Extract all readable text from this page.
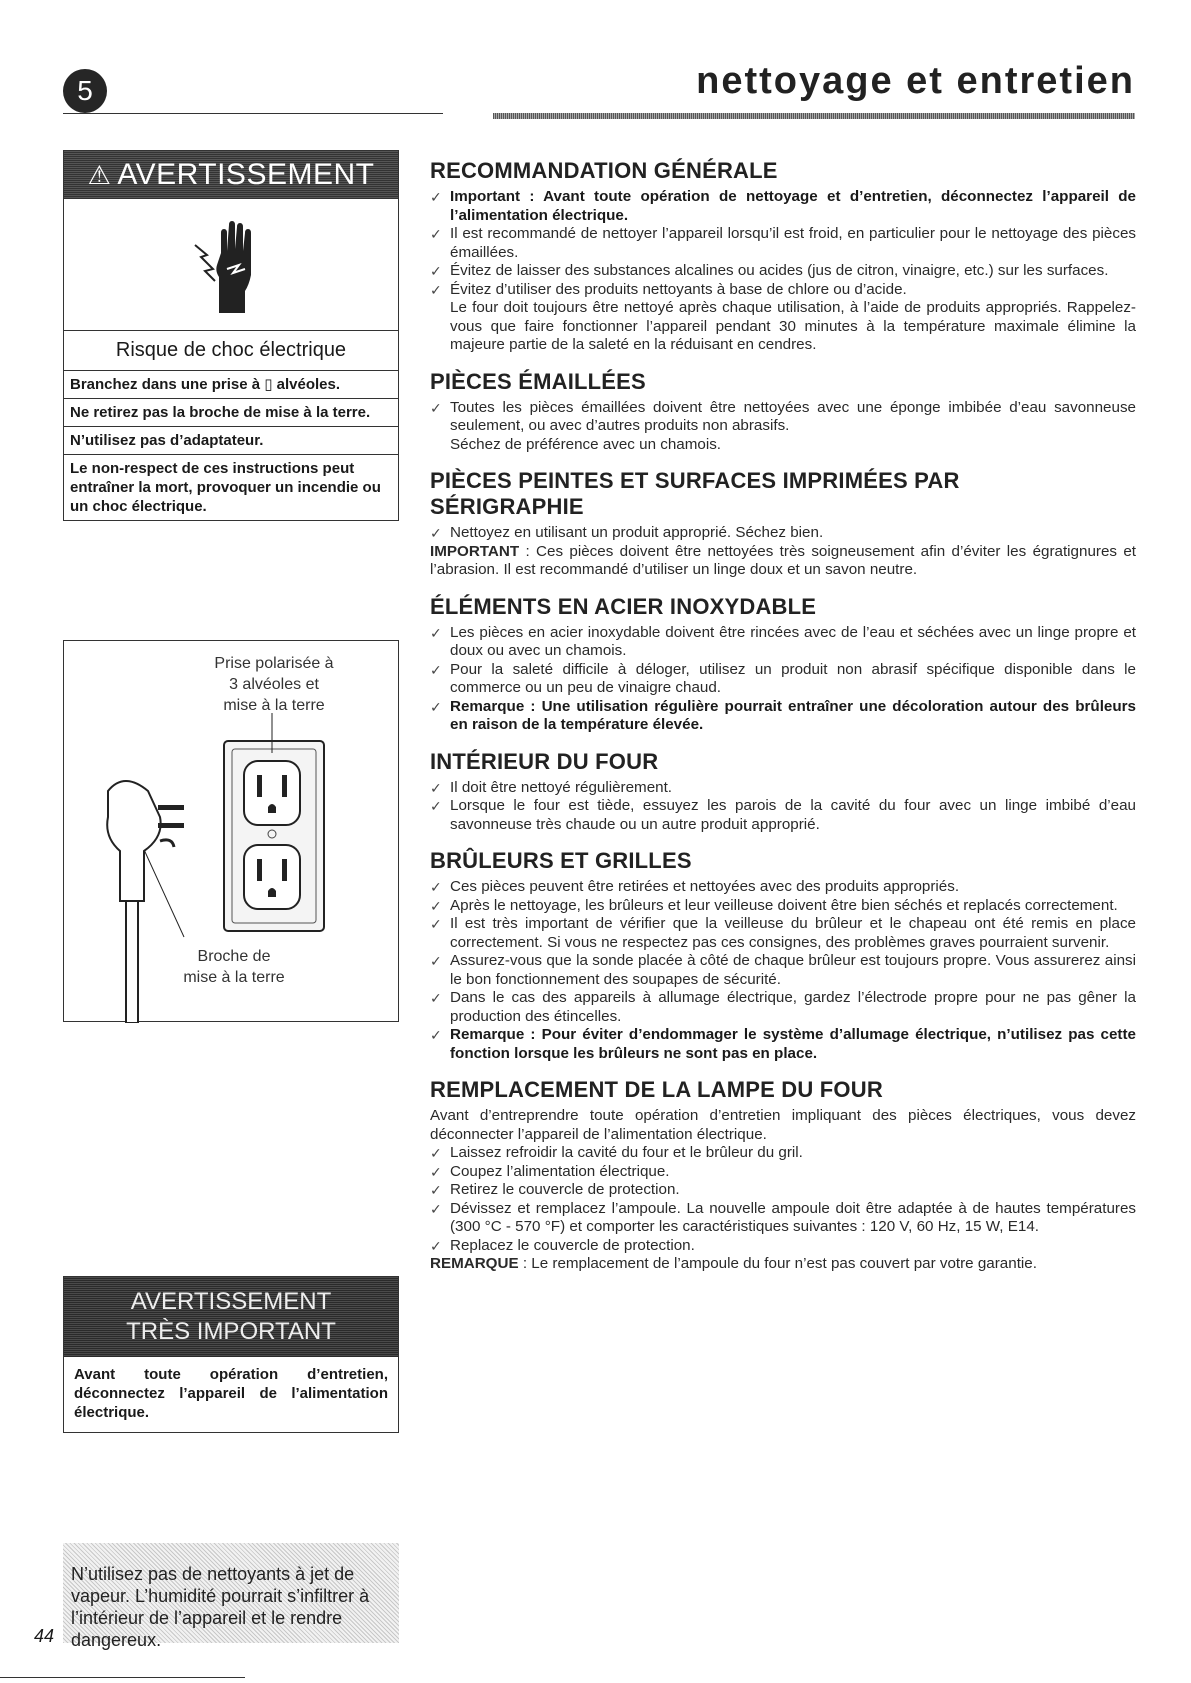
5	nettoyage et entretien
⚠ AVERTISSEMENT
Risque de choc électrique
Branchez dans une prise à ▯ alvéoles.
Ne retirez pas la broche de mise à la terre.
N’utilisez pas d’adaptateur.
Le non-respect de ces instructions peut entraîner la mort, provoquer un incendie ou un choc électrique.
Prise polarisée à
3 alvéoles et
mise à la terre
Broche de
mise à la terre
AVERTISSEMENT
TRÈS IMPORTANT
Avant toute opération d’entretien, déconnectez l’appareil de l’alimentation électrique.
N’utilisez pas de nettoyants à jet de vapeur. L’humidité pourrait s’infiltrer à l’intérieur de l’appareil et le rendre dangereux.
44
RECOMMANDATION GÉNÉRALE
✓ Important : Avant toute opération de nettoyage et d’entretien, déconnectez l’appareil de l’alimentation électrique.
✓ Il est recommandé de nettoyer l’appareil lorsqu’il est froid, en particulier pour le nettoyage des pièces émaillées.
✓ Évitez de laisser des substances alcalines ou acides (jus de citron, vinaigre, etc.) sur les surfaces.
✓ Évitez d’utiliser des produits nettoyants à base de chlore ou d’acide.
Le four doit toujours être nettoyé après chaque utilisation, à l’aide de produits appropriés. Rappelez-vous que faire fonctionner l’appareil pendant 30 minutes à la température maximale élimine la majeure partie de la saleté en la réduisant en cendres.
PIÈCES ÉMAILLÉES
✓ Toutes les pièces émaillées doivent être nettoyées avec une éponge imbibée d’eau savonneuse seulement, ou avec d’autres produits non abrasifs.
Séchez de préférence avec un chamois.
PIÈCES PEINTES ET SURFACES IMPRIMÉES PAR
SÉRIGRAPHIE
✓ Nettoyez en utilisant un produit approprié. Séchez bien.
IMPORTANT : Ces pièces doivent être nettoyées très soigneusement afin d’éviter les égratignures et l’abrasion. Il est recommandé d’utiliser un linge doux et un savon neutre.
ÉLÉMENTS EN ACIER INOXYDABLE
✓ Les pièces en acier inoxydable doivent être rincées avec de l’eau et séchées avec un linge propre et doux ou avec un chamois.
✓ Pour la saleté difficile à déloger, utilisez un produit non abrasif spécifique disponible dans le commerce ou un peu de vinaigre chaud.
✓ Remarque : Une utilisation régulière pourrait entraîner une décoloration autour des brûleurs en raison de la température élevée.
INTÉRIEUR DU FOUR
✓ Il doit être nettoyé régulièrement.
✓ Lorsque le four est tiède, essuyez les parois de la cavité du four avec un linge imbibé d’eau savonneuse très chaude ou un autre produit approprié.
BRÛLEURS ET GRILLES
✓ Ces pièces peuvent être retirées et nettoyées avec des produits appropriés.
✓ Après le nettoyage, les brûleurs et leur veilleuse doivent être bien séchés et replacés correctement.
✓ Il est très important de vérifier que la veilleuse du brûleur et le chapeau ont été remis en place correctement. Si vous ne respectez pas ces consignes, des problèmes graves pourraient survenir.
✓ Assurez-vous que la sonde placée à côté de chaque brûleur est toujours propre. Vous assurerez ainsi le bon fonctionnement des soupapes de sécurité.
✓ Dans le cas des appareils à allumage électrique, gardez l’électrode propre pour ne pas gêner la production des étincelles.
✓ Remarque : Pour éviter d’endommager le système d’allumage électrique, n’utilisez pas cette fonction lorsque les brûleurs ne sont pas en place.
REMPLACEMENT DE LA LAMPE DU FOUR
Avant d’entreprendre toute opération d’entretien impliquant des pièces électriques, vous devez déconnecter l’appareil de l’alimentation électrique.
✓ Laissez refroidir la cavité du four et le brûleur du gril.
✓ Coupez l’alimentation électrique.
✓ Retirez le couvercle de protection.
✓ Dévissez et remplacez l’ampoule. La nouvelle ampoule doit être adaptée à de hautes températures (300 °C - 570 °F) et comporter les caractéristiques suivantes : 120 V, 60 Hz, 15 W, E14.
✓ Replacez le couvercle de protection.
REMARQUE : Le remplacement de l’ampoule du four n’est pas couvert par votre garantie.
